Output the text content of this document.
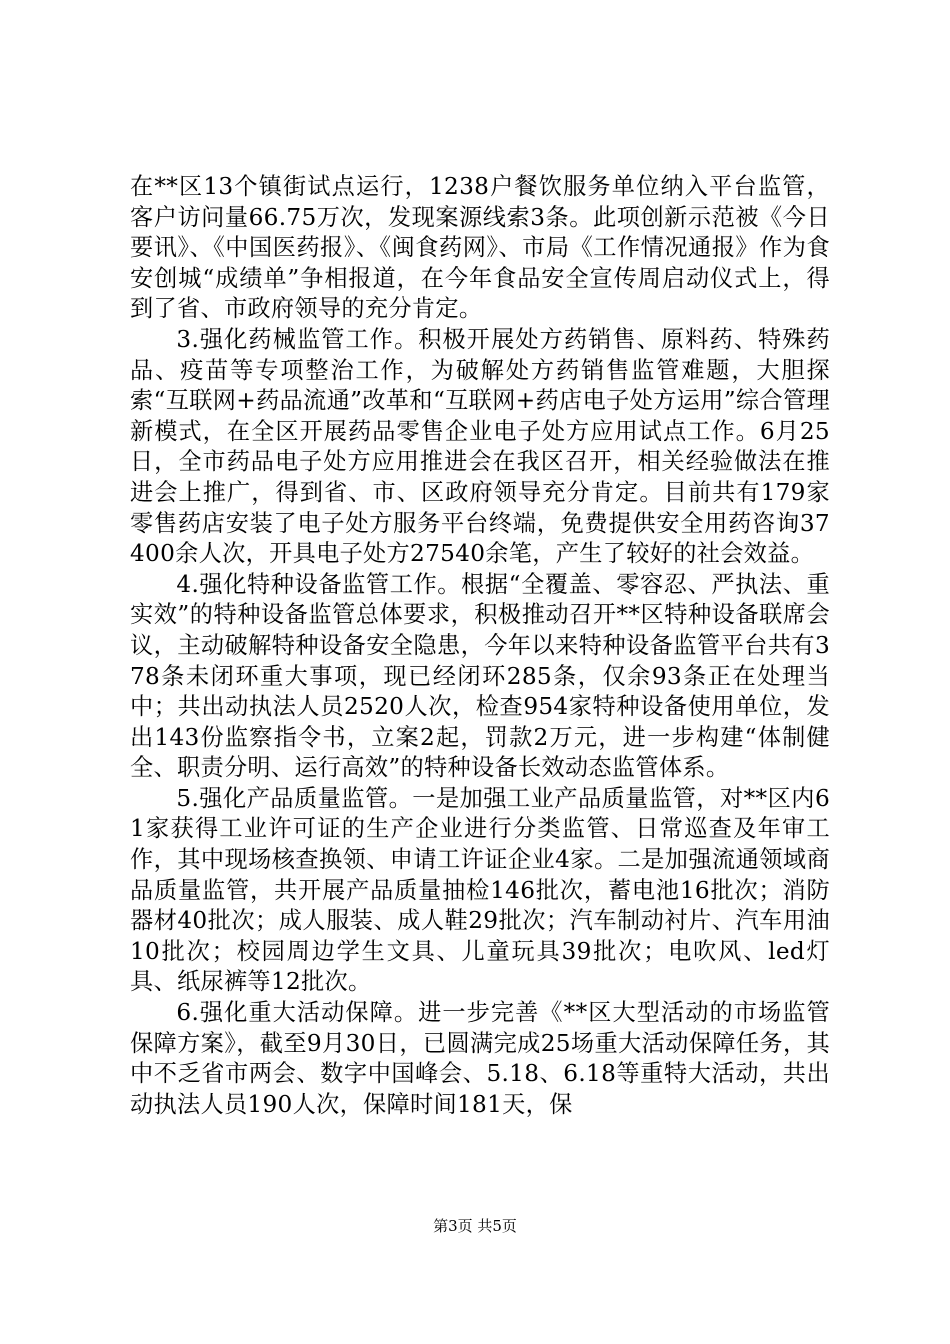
在**区13个镇街试点运行，1238户餐饮服务单位纳入平台监管，客户访问量66.75万次，发现案源线索3条。此项创新示范被《今日要讯》、《中国医药报》、《闽食药网》、市局《工作情况通报》作为食安创城“成绩单”争相报道，在今年食品安全宣传周启动仪式上，得到了省、市政府领导的充分肯定。

3.强化药械监管工作。积极开展处方药销售、原料药、特殊药品、疫苗等专项整治工作，为破解处方药销售监管难题，大胆探索“互联网+药品流通”改革和“互联网+药店电子处方运用”综合管理新模式，在全区开展药品零售企业电子处方应用试点工作。6月25日，全市药品电子处方应用推进会在我区召开，相关经验做法在推进会上推广，得到省、市、区政府领导充分肯定。目前共有179家零售药店安装了电子处方服务平台终端，免费提供安全用药咨询37400余人次，开具电子处方27540余笔，产生了较好的社会效益。

4.强化特种设备监管工作。根据“全覆盖、零容忍、严执法、重实效”的特种设备监管总体要求，积极推动召开**区特种设备联席会议，主动破解特种设备安全隐患，今年以来特种设备监管平台共有378条未闭环重大事项，现已经闭环285条，仅余93条正在处理当中；共出动执法人员2520人次，检查954家特种设备使用单位，发出143份监察指令书，立案2起，罚款2万元，进一步构建“体制健全、职责分明、运行高效”的特种设备长效动态监管体系。

5.强化产品质量监管。一是加强工业产品质量监管，对**区内61家获得工业许可证的生产企业进行分类监管、日常巡查及年审工作，其中现场核查换领、申请工许证企业4家。二是加强流通领域商品质量监管，共开展产品质量抽检146批次，蓄电池16批次；消防器材40批次；成人服装、成人鞋29批次；汽车制动衬片、汽车用油10批次；校园周边学生文具、儿童玩具39批次；电吹风、led灯具、纸尿裤等12批次。

6.强化重大活动保障。进一步完善《**区大型活动的市场监管保障方案》，截至9月30日，已圆满完成25场重大活动保障任务，其中不乏省市两会、数字中国峰会、5.18、6.18等重特大活动，共出动执法人员190人次，保障时间181天，保

第3页 共5页
